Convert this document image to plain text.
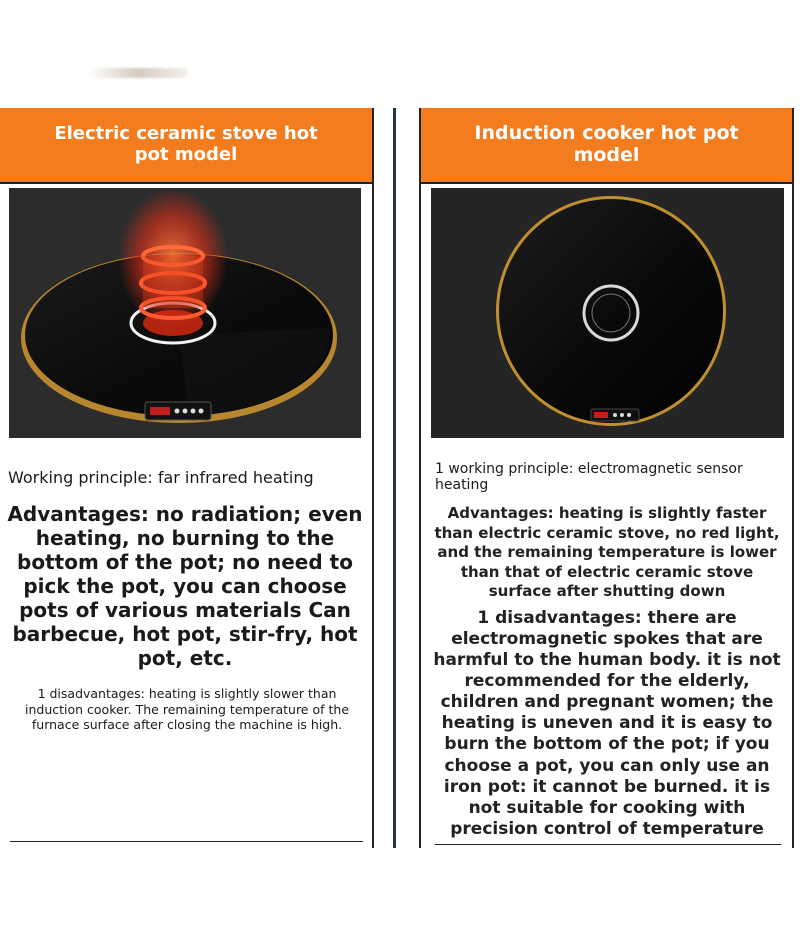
Electric ceramic stove hot pot model
Working principle: far infrared heating
Advantages: no radiation; even heating, no burning to the bottom of the pot; no need to pick the pot, you can choose pots of various materials Can barbecue, hot pot, stir-fry, hot pot, etc.
1 disadvantages: heating is slightly slower than induction cooker. The remaining temperature of the furnace surface after closing the machine is high.
Induction cooker hot pot model
1 working principle: electromagnetic sensor heating
Advantages: heating is slightly faster than electric ceramic stove, no red light, and the remaining temperature is lower than that of electric ceramic stove surface after shutting down
1 disadvantages: there are electromagnetic spokes that are harmful to the human body. it is not recommended for the elderly, children and pregnant women; the heating is uneven and it is easy to burn the bottom of the pot; if you choose a pot, you can only use an iron pot: it cannot be burned. it is not suitable for cooking with precision control of temperature
